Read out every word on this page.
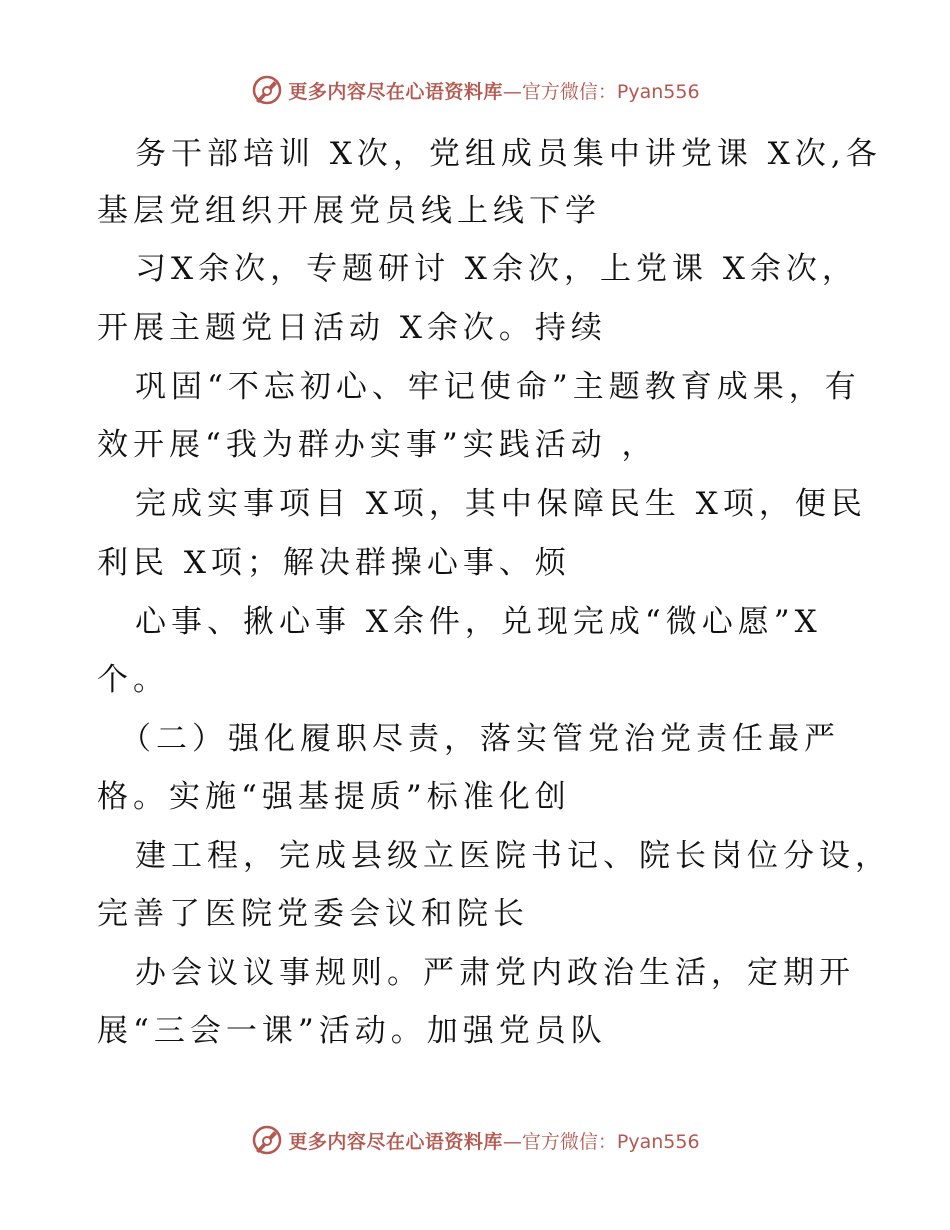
更多内容尽在心语资料库 —官方微信：Pyan556
务干部培训 X次，党组成员集中讲党课 X次,各
基层党组织开展党员线上线下学
习X余次，专题研讨 X余次，上党课 X余次，
开展主题党日活动 X余次。持续
巩固“不忘初心、牢记使命”主题教育成果，有
效开展“我为群办实事”实践活动 ，
完成实事项目 X项，其中保障民生 X项，便民
利民 X项；解决群操心事、烦
心事、揪心事 X余件，兑现完成“微心愿”X
个。
（二）强化履职尽责，落实管党治党责任最严
格。实施“强基提质”标准化创
建工程，完成县级立医院书记、院长岗位分设，
完善了医院党委会议和院长
办会议议事规则。严肃党内政治生活，定期开
展“三会一课”活动。加强党员队
更多内容尽在心语资料库 —官方微信：Pyan556
